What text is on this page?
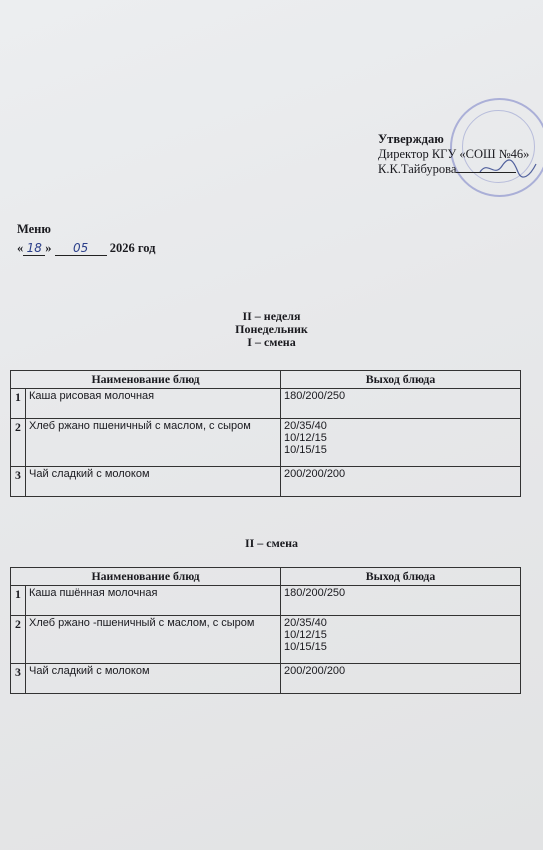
Утверждаю
Директор КГУ «СОШ №46»
К.К.Тайбурова
Меню
« 18 » 05 2026 год
II – неделя
Понедельник
I – смена
Наименование блюд		Выход блюда
1	Каша рисовая молочная	180/200/250
2	Хлеб ржано пшеничный с маслом, с сыром	20/35/40
10/12/15
10/15/15

3	Чай сладкий с молоком	200/200/200
II – смена
Наименование блюд		Выход блюда
1	Каша пшённая молочная	180/200/250
2	Хлеб ржано -пшеничный с маслом, с сыром	20/35/40
10/12/15
10/15/15

3	Чай сладкий с молоком	200/200/200
